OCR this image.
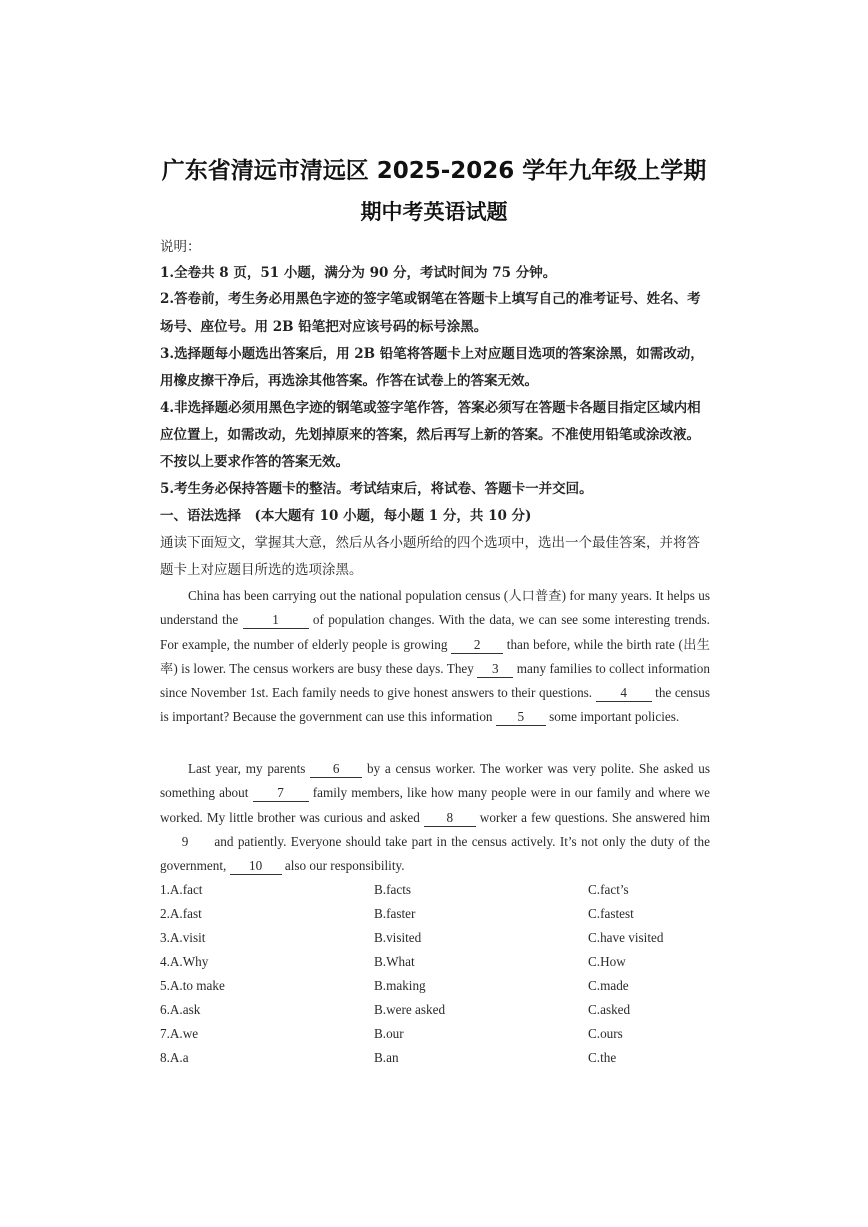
广东省清远市清远区 2025-2026 学年九年级上学期
期中考英语试题
说明：
1.全卷共 8 页，51 小题，满分为 90 分，考试时间为 75 分钟。
2.答卷前，考生务必用黑色字迹的签字笔或钢笔在答题卡上填写自己的准考证号、姓名、考
场号、座位号。用 2B 铅笔把对应该号码的标号涂黑。
3.选择题每小题选出答案后，用 2B 铅笔将答题卡上对应题目选项的答案涂黑，如需改动，
用橡皮擦干净后，再选涂其他答案。作答在试卷上的答案无效。
4.非选择题必须用黑色字迹的钢笔或签字笔作答，答案必须写在答题卡各题目指定区域内相
应位置上，如需改动，先划掉原来的答案，然后再写上新的答案。不准使用铅笔或涂改液。
不按以上要求作答的答案无效。
5.考生务必保持答题卡的整洁。考试结束后，将试卷、答题卡一并交回。
一、语法选择　(本大题有 10 小题，每小题 1 分，共 10 分)
通读下面短文，掌握其大意，然后从各小题所给的四个选项中，选出一个最佳答案，并将答
题卡上对应题目所选的选项涂黑。
China has been carrying out the national population census (人口普查) for many years. It helps us understand the 1 of population changes. With the data, we can see some interesting trends. For example, the number of elderly people is growing 2 than before, while the birth rate (出生率) is lower. The census workers are busy these days. They 3 many families to collect information since November 1st. Each family needs to give honest answers to their questions. 4 the census is important? Because the government can use this information 5 some important policies.
Last year, my parents 6 by a census worker. The worker was very polite. She asked us something about 7 family members, like how many people were in our family and where we worked. My little brother was curious and asked 8 worker a few questions. She answered him 9 and patiently. Everyone should take part in the census actively. It’s not only the duty of the government, 10 also our responsibility.
1.A.fact	B.facts	C.fact’s
2.A.fast	B.faster	C.fastest
3.A.visit	B.visited	C.have visited
4.A.Why	B.What	C.How
5.A.to make	B.making	C.made
6.A.ask	B.were asked	C.asked
7.A.we	B.our	C.ours
8.A.a	B.an	C.the
